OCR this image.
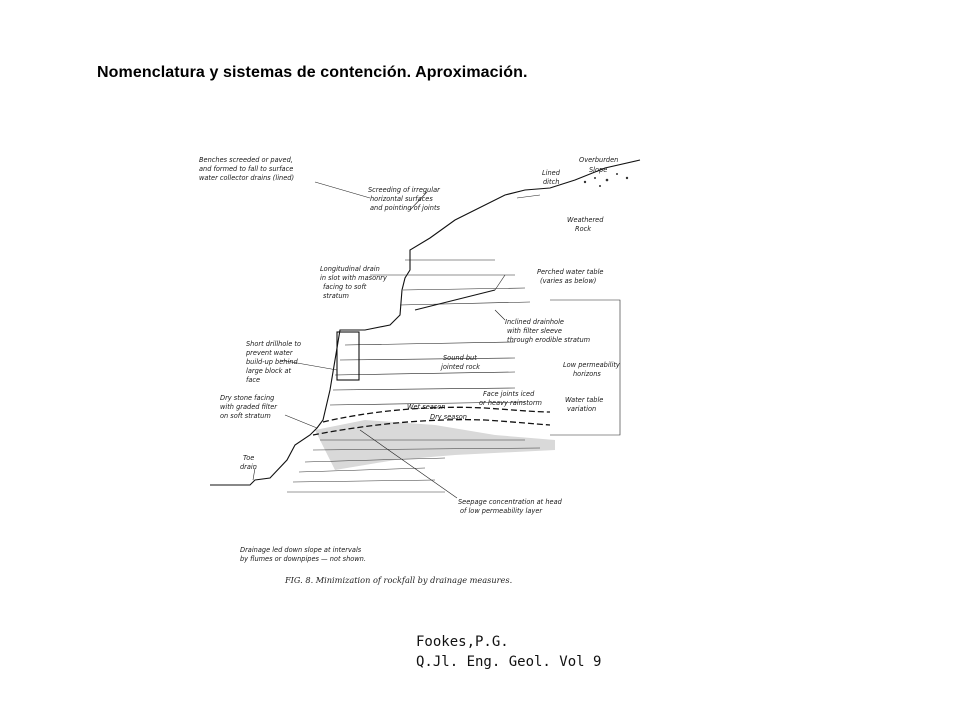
Nomenclatura y sistemas de contención. Aproximación.
Benches screeded or paved, and formed to fall to surface water collector drains (lined)
Overburden Slope
Lined ditch
Screeding of irregular horizontal surfaces and pointing of joints
Weathered Rock
Longitudinal drain in slot with masonry facing to soft stratum
Perched water table (varies as below)
Inclined drainhole with filter sleeve through erodible stratum
Short drillhole to prevent water build-up behind large block at face
Sound but jointed rock	Low permeability horizons
Face joints iced or heavy rainstorm
Wet season
Dry season
Water table variation
Dry stone facing with graded filter on soft stratum
Toe drain
Seepage concentration at head of low permeability layer
Drainage led down slope at intervals by flumes or downpipes — not shown.
FIG. 8. Minimization of rockfall by drainage measures.
Fookes,P.G.
Q.Jl. Eng. Geol. Vol 9
